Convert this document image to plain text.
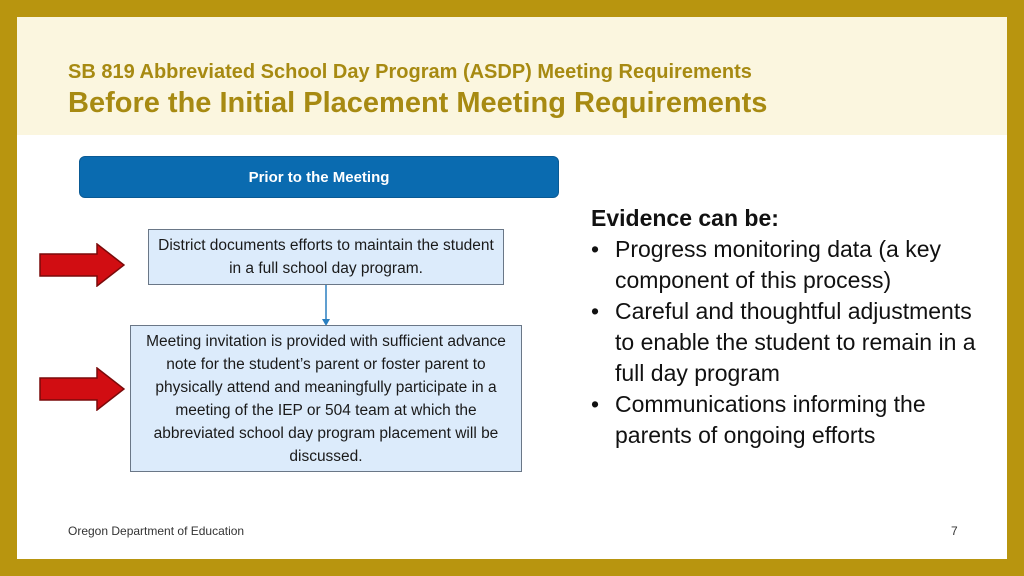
SB 819 Abbreviated School Day Program (ASDP) Meeting Requirements
Before the Initial Placement Meeting Requirements
Prior to the Meeting
District documents efforts to maintain the student in a full school day program.
Meeting invitation is provided with sufficient advance note for the student’s parent or foster parent to physically attend and meaningfully participate in a meeting of the IEP or 504 team at which the abbreviated school day program placement will be discussed.
Evidence can be:
• Progress monitoring data (a key component of this process)
• Careful and thoughtful adjustments to enable the student to remain in a full day program
• Communications informing the parents of ongoing efforts
Oregon Department of Education	7
